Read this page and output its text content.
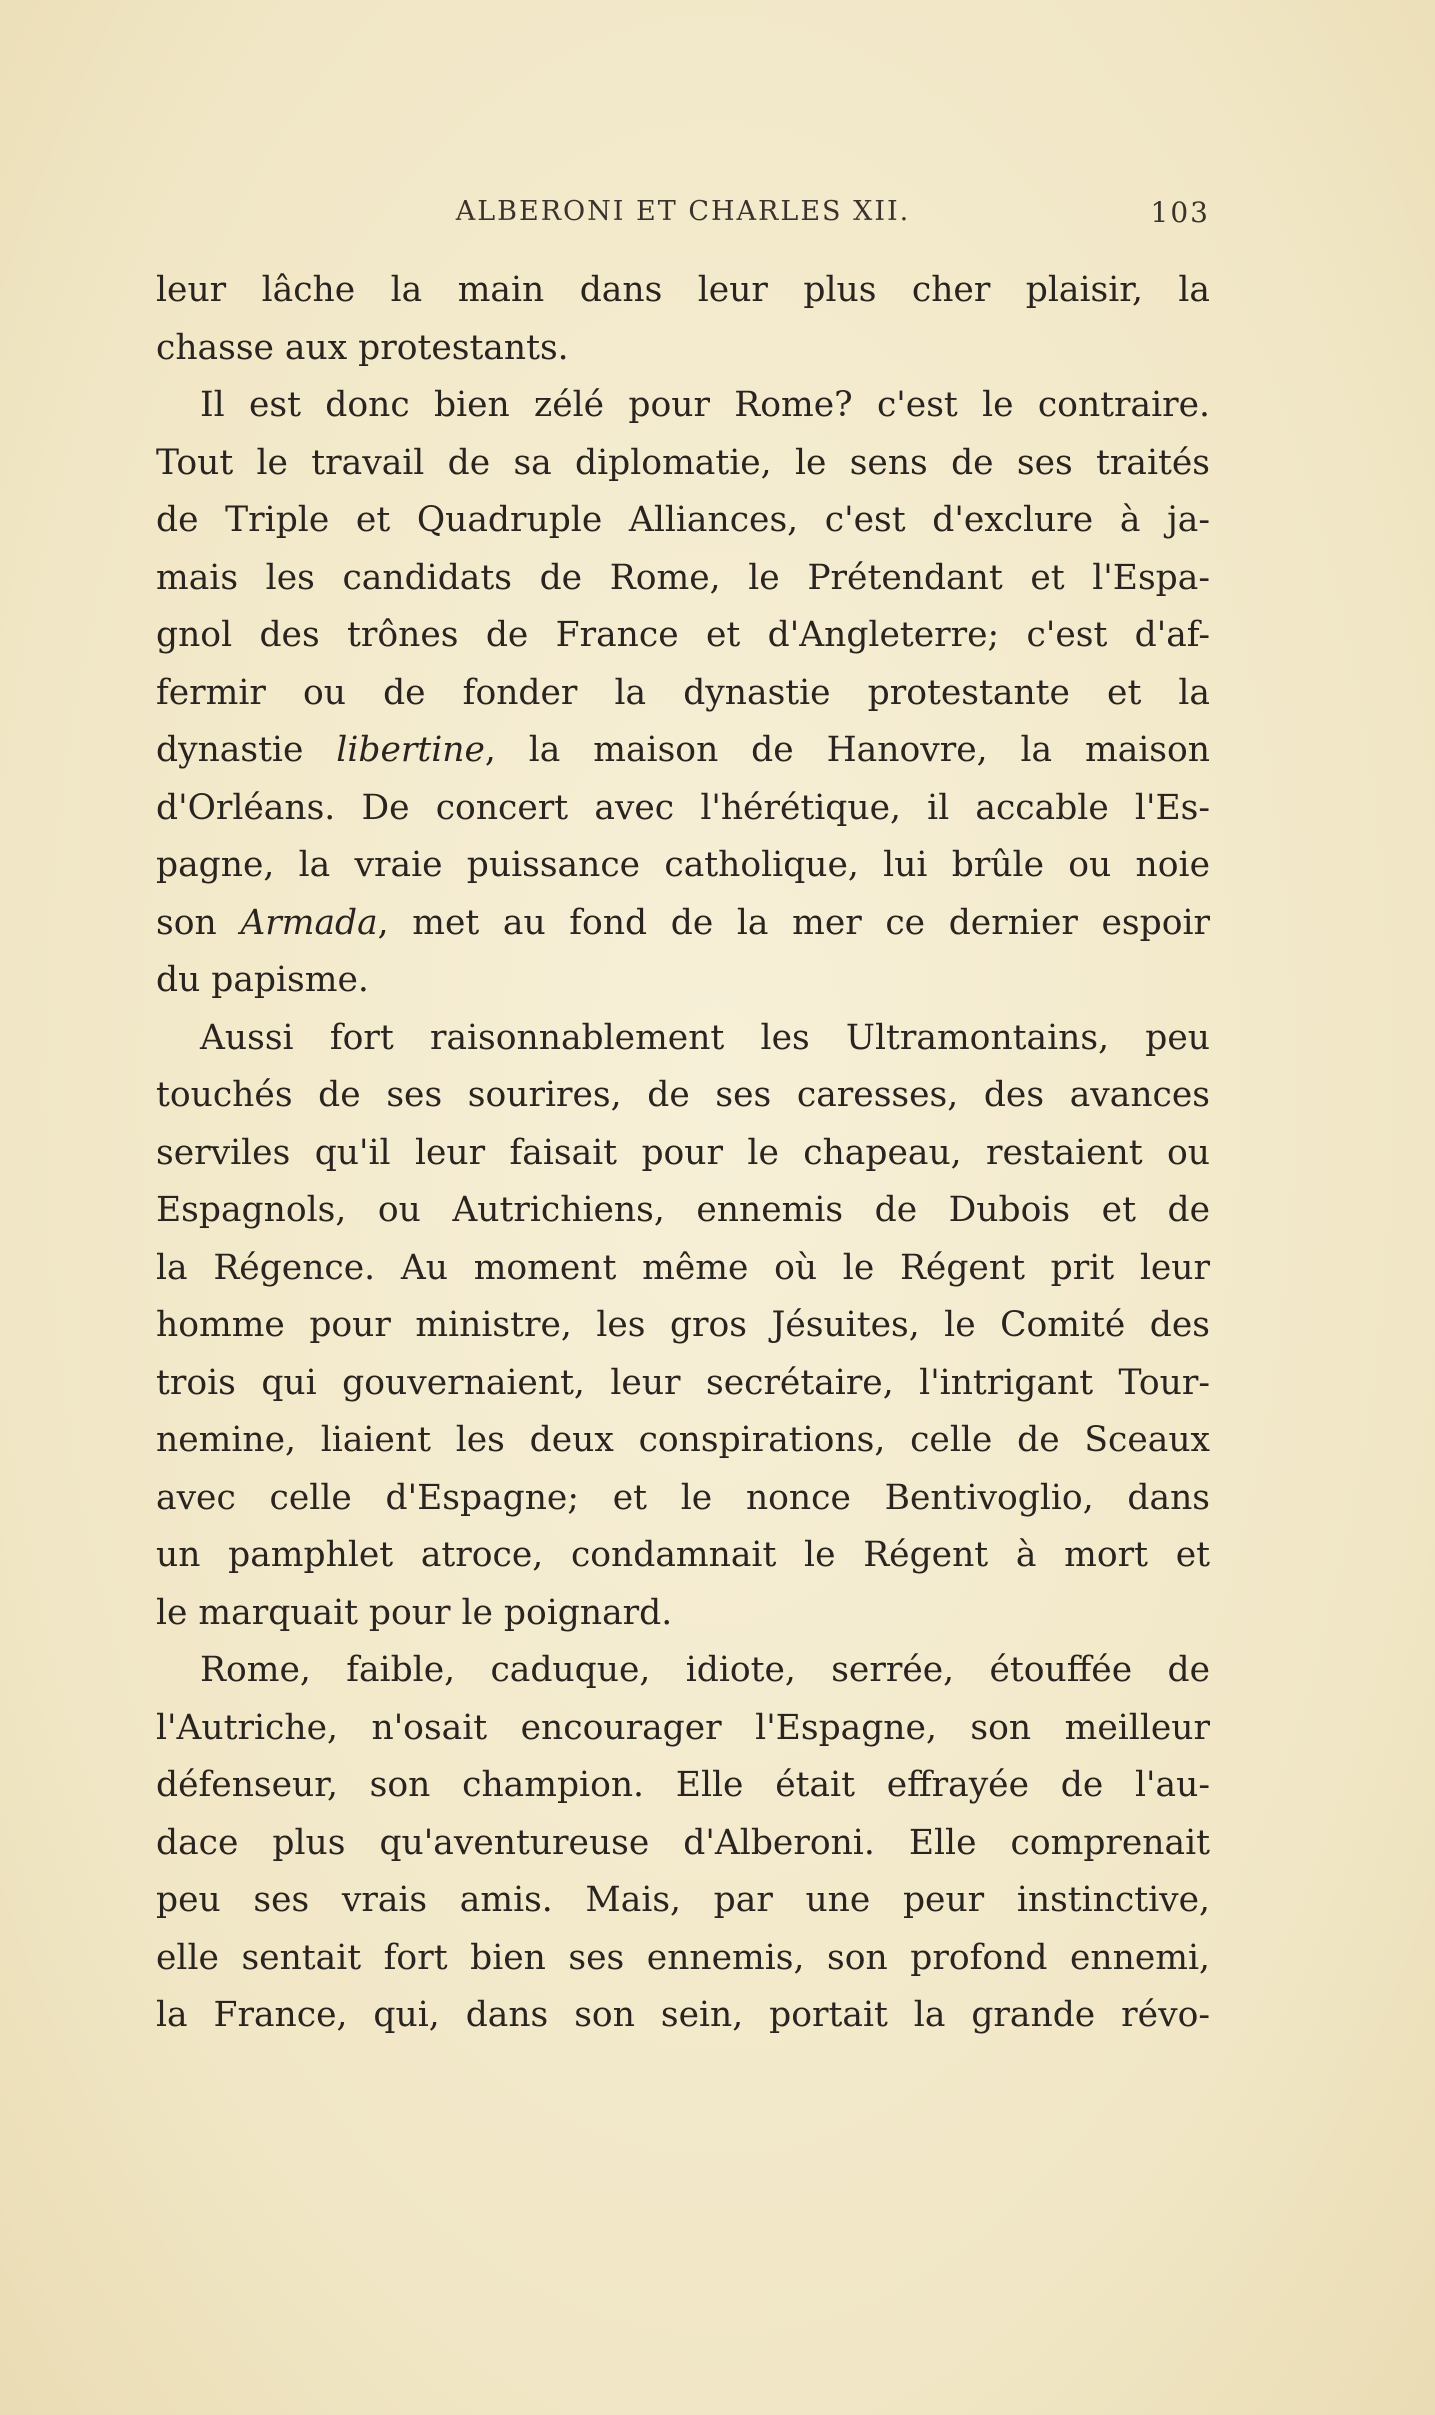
ALBERONI ET CHARLES XII.	103

leur lâche la main dans leur plus cher plaisir, la
chasse aux protestants.

Il est donc bien zélé pour Rome? c'est le contraire.
Tout le travail de sa diplomatie, le sens de ses traités
de Triple et Quadruple Alliances, c'est d'exclure à ja-
mais les candidats de Rome, le Prétendant et l'Espa-
gnol des trônes de France et d'Angleterre; c'est d'af-
fermir ou de fonder la dynastie protestante et la
dynastie libertine, la maison de Hanovre, la maison
d'Orléans. De concert avec l'hérétique, il accable l'Es-
pagne, la vraie puissance catholique, lui brûle ou noie
son Armada, met au fond de la mer ce dernier espoir
du papisme.

Aussi fort raisonnablement les Ultramontains, peu
touchés de ses sourires, de ses caresses, des avances
serviles qu'il leur faisait pour le chapeau, restaient ou
Espagnols, ou Autrichiens, ennemis de Dubois et de
la Régence. Au moment même où le Régent prit leur
homme pour ministre, les gros Jésuites, le Comité des
trois qui gouvernaient, leur secrétaire, l'intrigant Tour-
nemine, liaient les deux conspirations, celle de Sceaux
avec celle d'Espagne; et le nonce Bentivoglio, dans
un pamphlet atroce, condamnait le Régent à mort et
le marquait pour le poignard.

Rome, faible, caduque, idiote, serrée, étouffée de
l'Autriche, n'osait encourager l'Espagne, son meilleur
défenseur, son champion. Elle était effrayée de l'au-
dace plus qu'aventureuse d'Alberoni. Elle comprenait
peu ses vrais amis. Mais, par une peur instinctive,
elle sentait fort bien ses ennemis, son profond ennemi,
la France, qui, dans son sein, portait la grande révo-
